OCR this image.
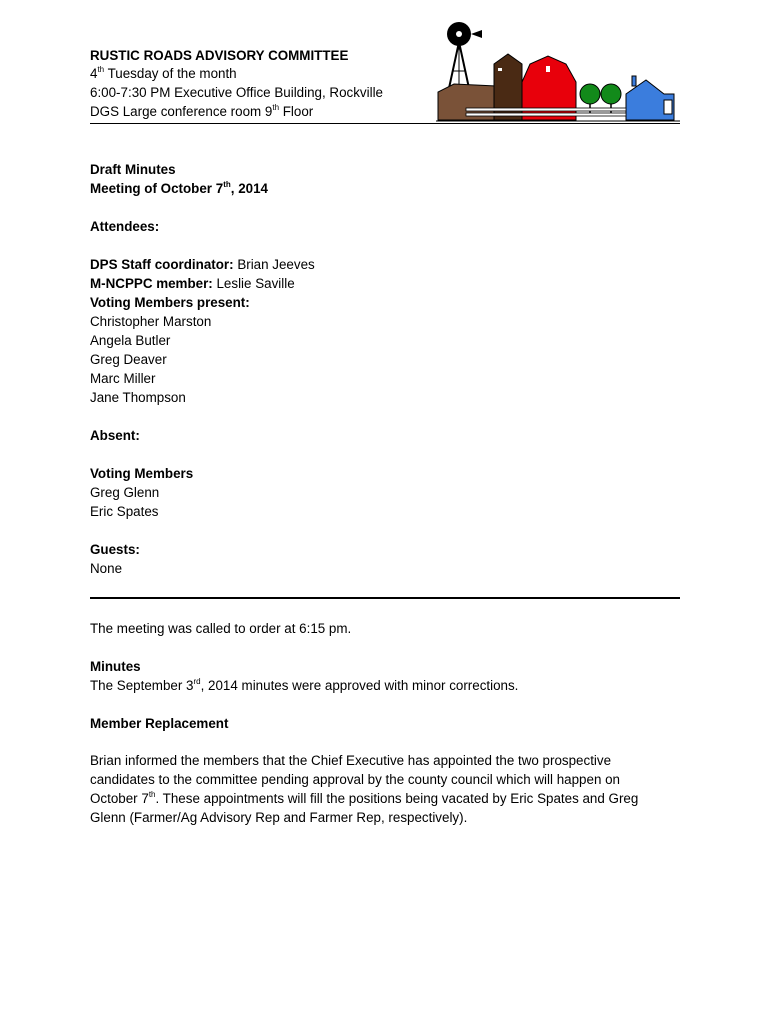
RUSTIC ROADS ADVISORY COMMITTEE
4th Tuesday of the month
6:00-7:30 PM Executive Office Building, Rockville
DGS Large conference room 9th Floor
Draft Minutes
Meeting of October 7th, 2014
Attendees:
DPS Staff coordinator: Brian Jeeves
M-NCPPC member: Leslie Saville
Voting Members present:
Christopher Marston
Angela Butler
Greg Deaver
Marc Miller
Jane Thompson
Absent:
Voting Members
Greg Glenn
Eric Spates
Guests:
None
The meeting was called to order at 6:15 pm.
Minutes
The September 3rd, 2014 minutes were approved with minor corrections.
Member Replacement
Brian informed the members that the Chief Executive has appointed the two prospective
candidates to the committee pending approval by the county council which will happen on
October 7th. These appointments will fill the positions being vacated by Eric Spates and Greg
Glenn (Farmer/Ag Advisory Rep and Farmer Rep, respectively).
